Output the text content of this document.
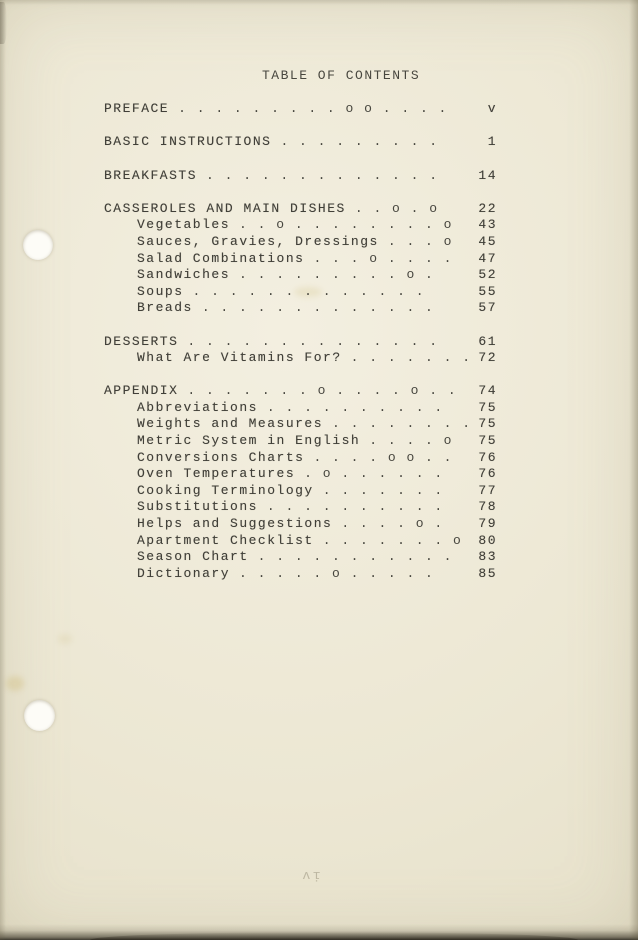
TABLE OF CONTENTS
PREFACE . . . . . . . . . o o . . . .	v
BASIC INSTRUCTIONS . . . . . . . . .	1
BREAKFASTS . . . . . . . . . . . . .	14
CASSEROLES AND MAIN DISHES . . o . o	22
Vegetables . . o . . . . . . . . o	43
Sauces, Gravies, Dressings . . . o	45
Salad Combinations . . . o . . . .	47
Sandwiches . . . . . . . . . o .	52
Soups . . . . . . . . . . . . .	55
Breads . . . . . . . . . . . . .	57
DESSERTS . . . . . . . . . . . . . .	61
What Are Vitamins For? . . . . . . . 72
APPENDIX . . . . . . . o . . . . o . .	74
Abbreviations . . . . . . . . . .	75
Weights and Measures . . . . . . . . 75
Metric System in English . . . . o	75
Conversions Charts . . . . o o . .	76
Oven Temperatures . o . . . . . .	76
Cooking Terminology . . . . . . .	77
Substitutions . . . . . . . . . .	78
Helps and Suggestions . . . . o .	79
Apartment Checklist . . . . . . . o	80
Season Chart . . . . . . . . . . .	83
Dictionary . . . . . o . . . . .	85
iv
